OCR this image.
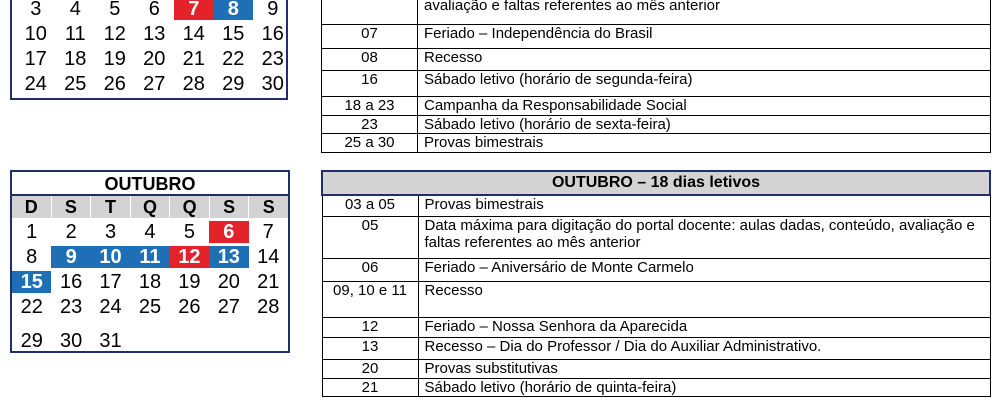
3	4	5	6	7	8	9
10 11 12 13 14 15 16
17 18 19 20 21 22 23
24 25 26 27 28 29 30
	avaliação e faltas referentes ao mês anterior
07	Feriado – Independência do Brasil
08	Recesso
16	Sábado letivo (horário de segunda-feira)
18 a 23	Campanha da Responsabilidade Social
23	Sábado letivo (horário de sexta-feira)
25 a 30	Provas bimestrais
OUTUBRO
D	S	T	Q	Q	S	S
1	2	3	4	5	6	7
8	9	10 11 12 13 14
15 16 17 18 19 20 21
22 23 24 25 26 27 28
29 30 31
OUTUBRO – 18 dias letivos	
03 a 05	Provas bimestrais
05	Data máxima para digitação do portal docente: aulas dadas, conteúdo, avaliação e faltas referentes ao mês anterior
06	Feriado – Aniversário de Monte Carmelo
09, 10 e 11	Recesso
12	Feriado – Nossa Senhora da Aparecida
13	Recesso – Dia do Professor / Dia do Auxiliar Administrativo.
20	Provas substitutivas
21	Sábado letivo (horário de quinta-feira)
